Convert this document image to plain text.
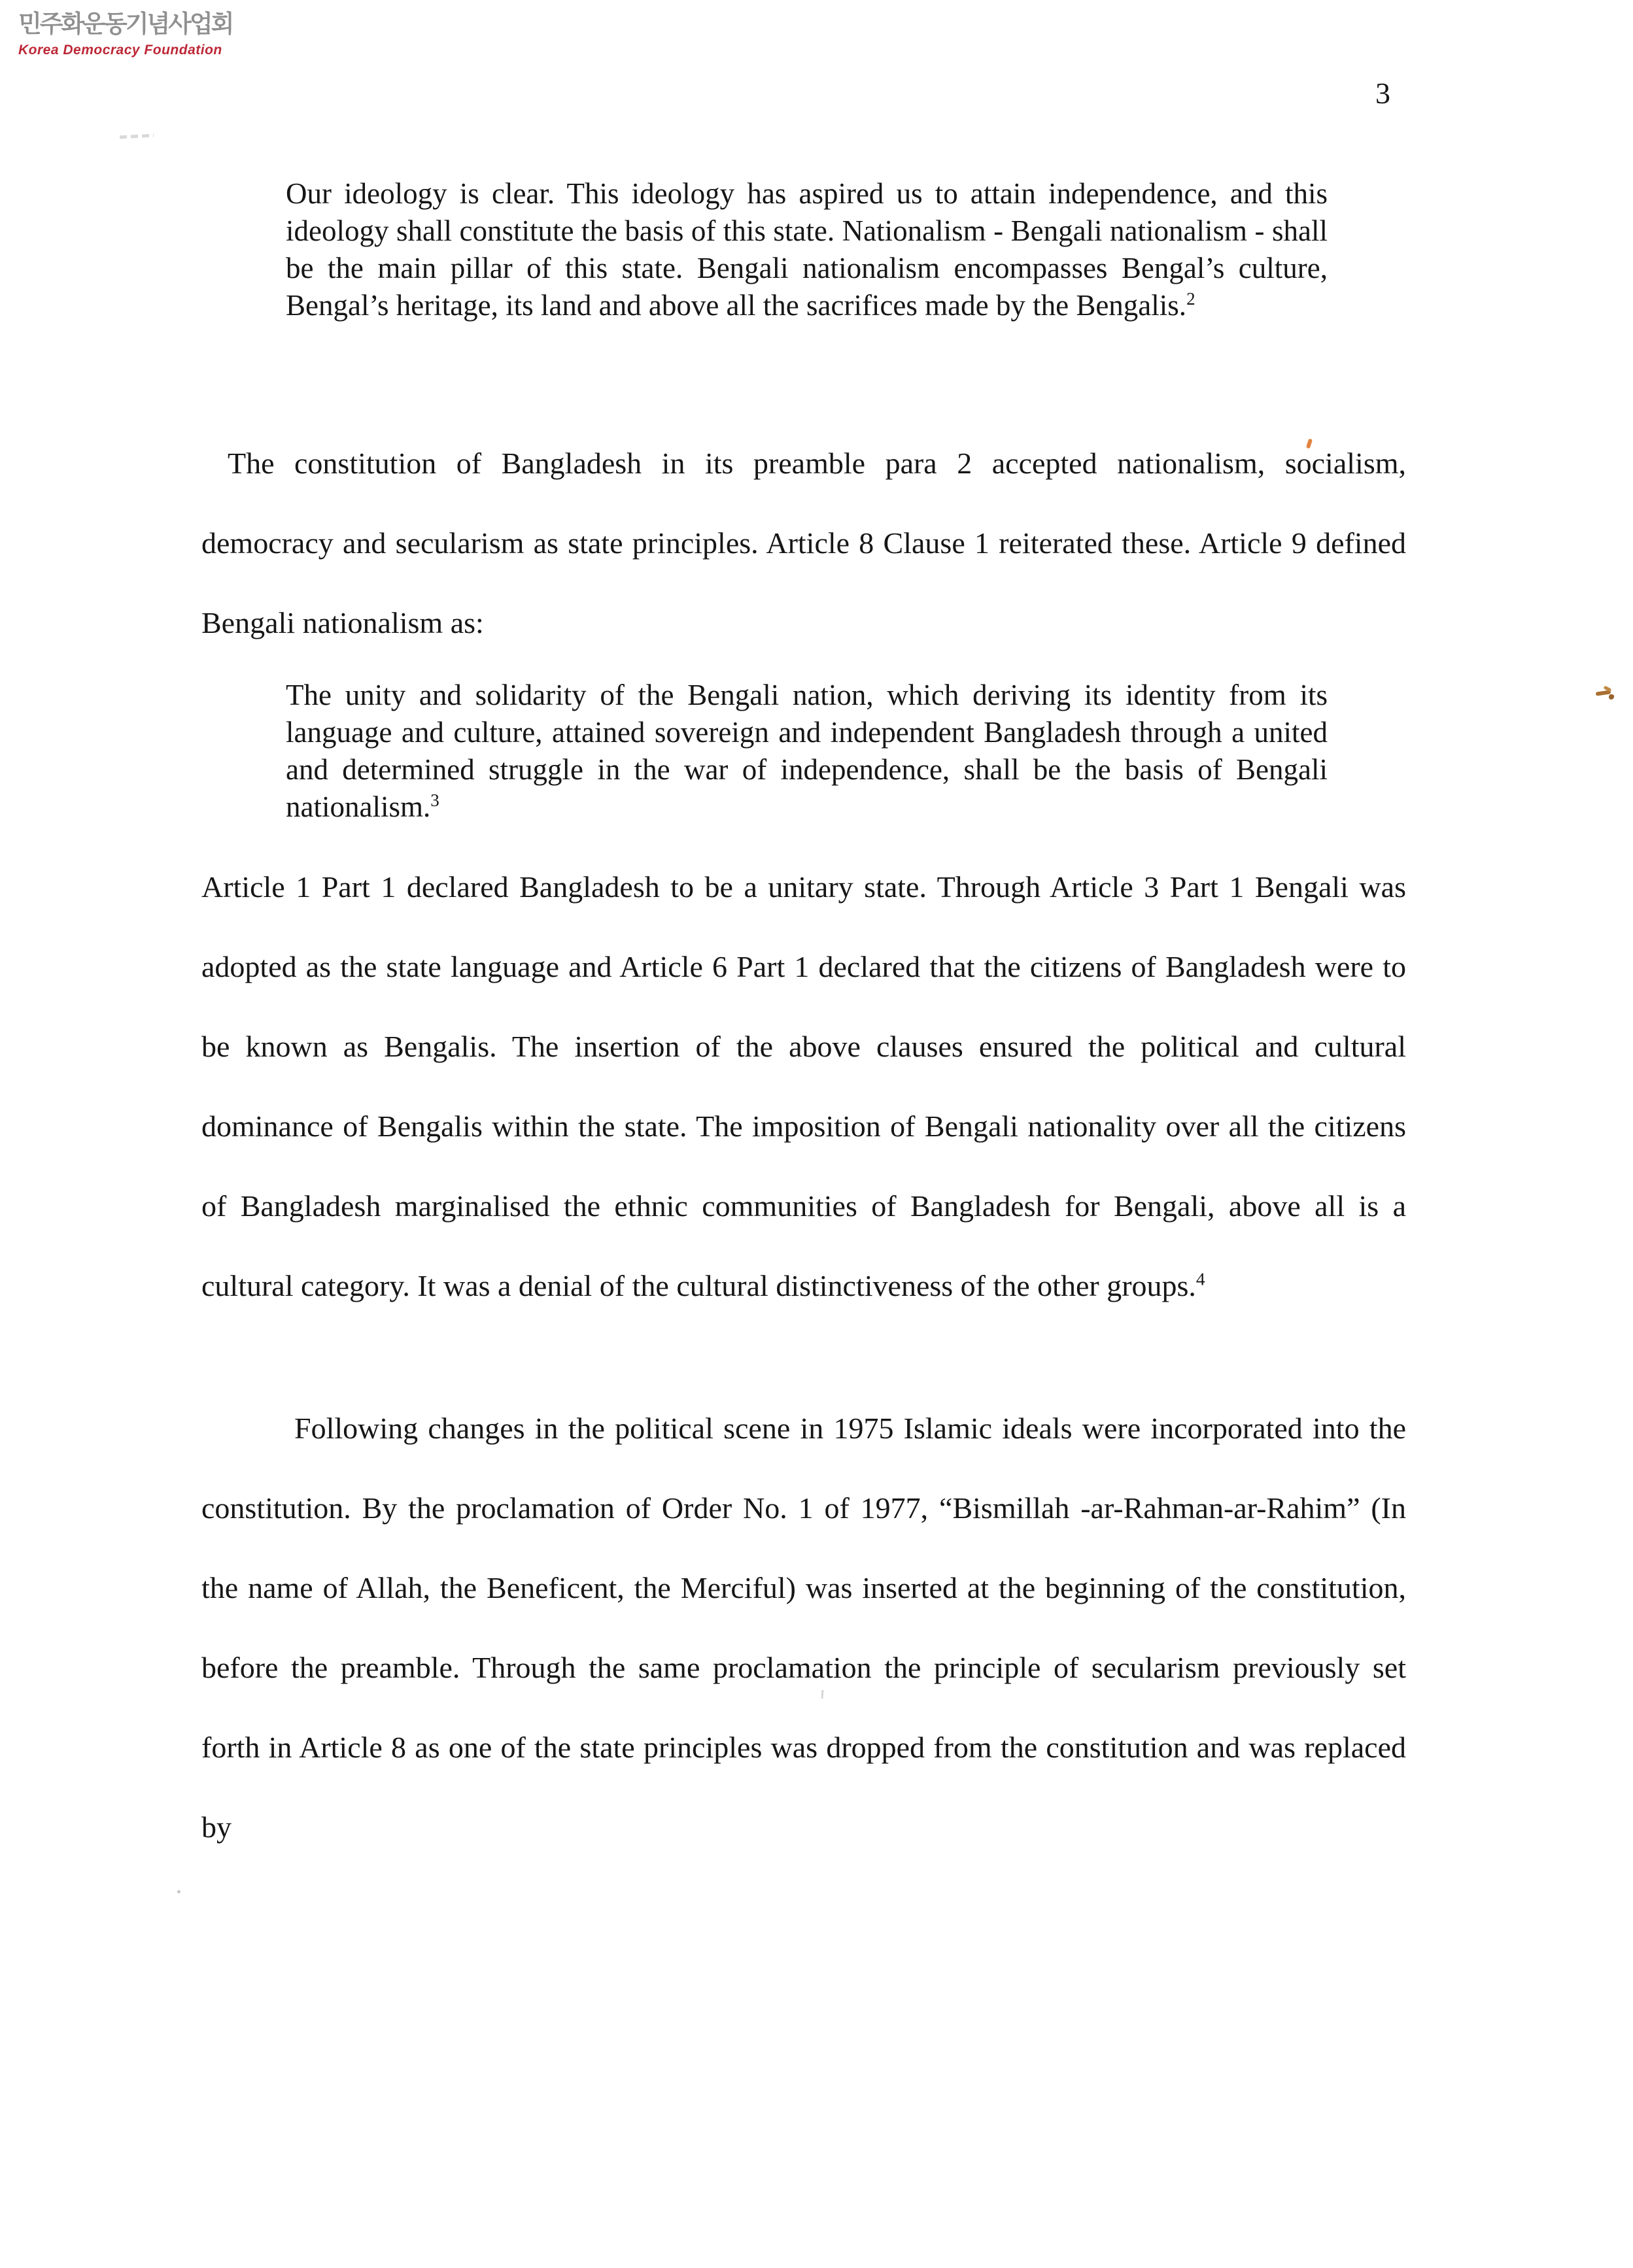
민주화운동기념사업회
Korea Democracy Foundation
3

Our ideology is clear. This ideology has aspired us to attain independence, and this ideology shall constitute the basis of this state. Nationalism - Bengali nationalism - shall be the main pillar of this state. Bengali nationalism encompasses Bengal’s culture, Bengal’s heritage, its land and above all the sacrifices made by the Bengalis.$^2$

The constitution of Bangladesh in its preamble para 2 accepted nationalism, socialism, democracy and secularism as state principles. Article 8 Clause 1 reiterated these. Article 9 defined Bengali nationalism as:

The unity and solidarity of the Bengali nation, which deriving its identity from its language and culture, attained sovereign and independent Bangladesh through a united and determined struggle in the war of independence, shall be the basis of Bengali nationalism.$^3$

Article 1 Part 1 declared Bangladesh to be a unitary state. Through Article 3 Part 1 Bengali was adopted as the state language and Article 6 Part 1 declared that the citizens of Bangladesh were to be known as Bengalis. The insertion of the above clauses ensured the political and cultural dominance of Bengalis within the state. The imposition of Bengali nationality over all the citizens of Bangladesh marginalised the ethnic communities of Bangladesh for Bengali, above all is a cultural category. It was a denial of the cultural distinctiveness of the other groups.$^4$

Following changes in the political scene in 1975 Islamic ideals were incorporated into the constitution. By the proclamation of Order No. 1 of 1977, “Bismillah -ar-Rahman-ar-Rahim” (In the name of Allah, the Beneficent, the Merciful) was inserted at the beginning of the constitution, before the preamble. Through the same proclamation the principle of secularism previously set forth in Article 8 as one of the state principles was dropped from the constitution and was replaced by
